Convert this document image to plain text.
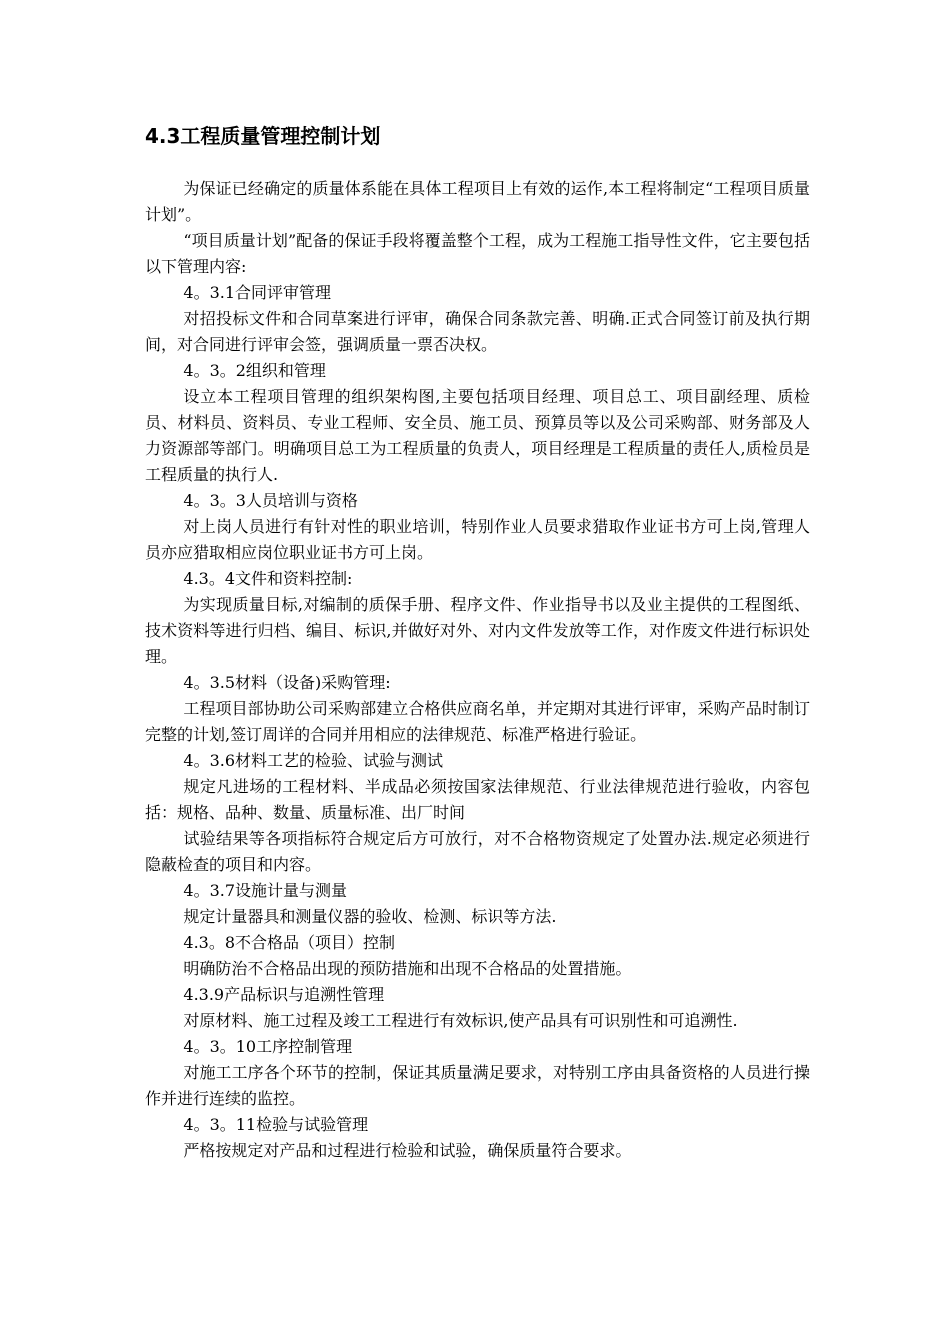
4.3工程质量管理控制计划

为保证已经确定的质量体系能在具体工程项目上有效的运作,本工程将制定“工程项目质量计划”。

“项目质量计划”配备的保证手段将覆盖整个工程，成为工程施工指导性文件，它主要包括以下管理内容:

4。3.1合同评审管理

对招投标文件和合同草案进行评审，确保合同条款完善、明确.正式合同签订前及执行期间，对合同进行评审会签，强调质量一票否决权。

4。3。2组织和管理

设立本工程项目管理的组织架构图,主要包括项目经理、项目总工、项目副经理、质检员、材料员、资料员、专业工程师、安全员、施工员、预算员等以及公司采购部、财务部及人力资源部等部门。明确项目总工为工程质量的负责人，项目经理是工程质量的责任人,质检员是工程质量的执行人.

4。3。3人员培训与资格

对上岗人员进行有针对性的职业培训，特别作业人员要求猎取作业证书方可上岗,管理人员亦应猎取相应岗位职业证书方可上岗。

4.3。4文件和资料控制:

为实现质量目标,对编制的质保手册、程序文件、作业指导书以及业主提供的工程图纸、技术资料等进行归档、编目、标识,并做好对外、对内文件发放等工作，对作废文件进行标识处理。

4。3.5材料（设备)采购管理:

工程项目部协助公司采购部建立合格供应商名单，并定期对其进行评审，采购产品时制订完整的计划,签订周详的合同并用相应的法律规范、标准严格进行验证。

4。3.6材料工艺的检验、试验与测试

规定凡进场的工程材料、半成品必须按国家法律规范、行业法律规范进行验收，内容包括：规格、品种、数量、质量标准、出厂时间

试验结果等各项指标符合规定后方可放行，对不合格物资规定了处置办法.规定必须进行隐蔽检查的项目和内容。

4。3.7设施计量与测量

规定计量器具和测量仪器的验收、检测、标识等方法.

4.3。8不合格品（项目）控制

明确防治不合格品出现的预防措施和出现不合格品的处置措施。

4.3.9产品标识与追溯性管理

对原材料、施工过程及竣工工程进行有效标识,使产品具有可识别性和可追溯性.

4。3。10工序控制管理

对施工工序各个环节的控制，保证其质量满足要求，对特别工序由具备资格的人员进行操作并进行连续的监控。

4。3。11检验与试验管理

严格按规定对产品和过程进行检验和试验，确保质量符合要求。
